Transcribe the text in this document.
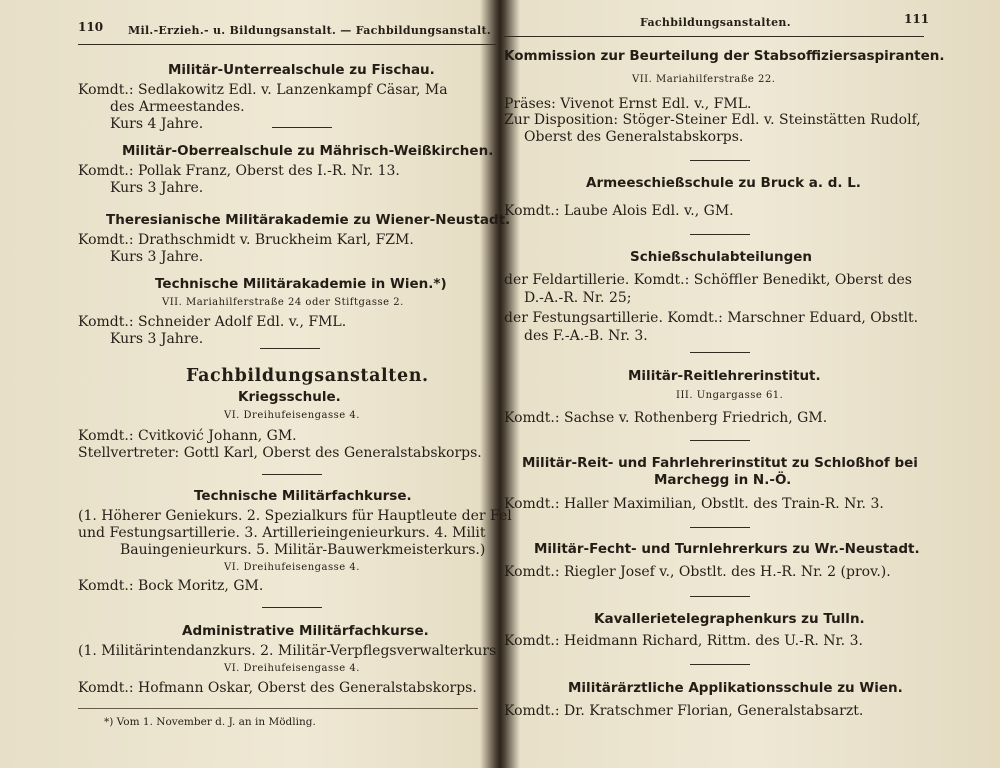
110 Mil.-Erzieh.- u. Bildungsanstalt. — Fachbildungsanstalt.
Militär-Unterrealschule zu Fischau.
Komdt.: Sedlakowitz Edl. v. Lanzenkampf Cäsar, Ma
des Armeestandes.
Kurs 4 Jahre.
Militär-Oberrealschule zu Mährisch-Weißkirchen.
Komdt.: Pollak Franz, Oberst des I.-R. Nr. 13.
Kurs 3 Jahre.
Theresianische Militärakademie zu Wiener-Neustadt.
Komdt.: Drathschmidt v. Bruckheim Karl, FZM.
Kurs 3 Jahre.
Technische Militärakademie in Wien.*)
VII. Mariahilferstraße 24 oder Stiftgasse 2.
Komdt.: Schneider Adolf Edl. v., FML.
Kurs 3 Jahre.
Fachbildungsanstalten.
Kriegsschule.
VI. Dreihufeisengasse 4.
Komdt.: Cvitković Johann, GM.
Stellvertreter: Gottl Karl, Oberst des Generalstabskorps.
Technische Militärfachkurse.
(1. Höherer Geniekurs. 2. Spezialkurs für Hauptleute der Fel
und Festungsartillerie. 3. Artillerieingenieurkurs. 4. Milit
Bauingenieurkurs. 5. Militär-Bauwerkmeisterkurs.)
VI. Dreihufeisengasse 4.
Komdt.: Bock Moritz, GM.
Administrative Militärfachkurse.
(1. Militärintendanzkurs. 2. Militär-Verpflegsverwalterkurs
VI. Dreihufeisengasse 4.
Komdt.: Hofmann Oskar, Oberst des Generalstabskorps.
*) Vom 1. November d. J. an in Mödling.
Fachbildungsanstalten.	111
Kommission zur Beurteilung der Stabsoffiziersaspiranten.
VII. Mariahilferstraße 22.
Präses: Vivenot Ernst Edl. v., FML.
Zur Disposition: Stöger-Steiner Edl. v. Steinstätten Rudolf,
Oberst des Generalstabskorps.
Armeeschießschule zu Bruck a. d. L.
Komdt.: Laube Alois Edl. v., GM.
Schießschulabteilungen
der Feldartillerie. Komdt.: Schöffler Benedikt, Oberst des
D.-A.-R. Nr. 25;
der Festungsartillerie. Komdt.: Marschner Eduard, Obstlt.
des F.-A.-B. Nr. 3.
Militär-Reitlehrerinstitut.
III. Ungargasse 61.
Komdt.: Sachse v. Rothenberg Friedrich, GM.
Militär-Reit- und Fahrlehrerinstitut zu Schloßhof bei
Marchegg in N.-Ö.
Komdt.: Haller Maximilian, Obstlt. des Train-R. Nr. 3.
Militär-Fecht- und Turnlehrerkurs zu Wr.-Neustadt.
Komdt.: Riegler Josef v., Obstlt. des H.-R. Nr. 2 (prov.).
Kavallerietelegraphenkurs zu Tulln.
Komdt.: Heidmann Richard, Rittm. des U.-R. Nr. 3.
Militärärztliche Applikationsschule zu Wien.
Komdt.: Dr. Kratschmer Florian, Generalstabsarzt.
